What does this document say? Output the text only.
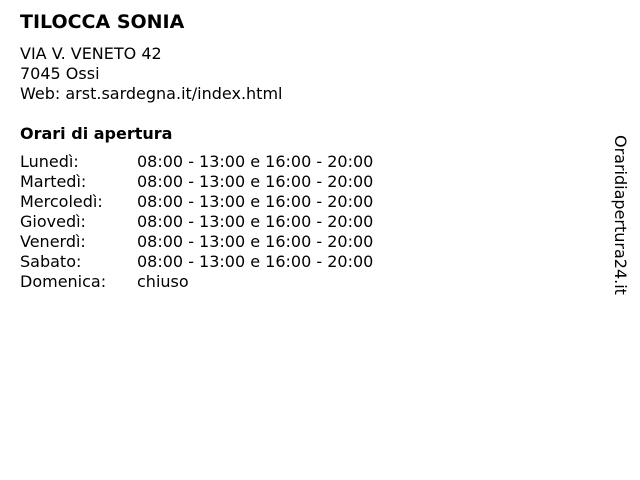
TILOCCA SONIA
VIA V. VENETO 42
7045 Ossi
Web: arst.sardegna.it/index.html
Orari di apertura
Lunedì:	08:00 - 13:00 e 16:00 - 20:00
Martedì:	08:00 - 13:00 e 16:00 - 20:00
Mercoledì:	08:00 - 13:00 e 16:00 - 20:00
Giovedì:	08:00 - 13:00 e 16:00 - 20:00
Venerdì:	08:00 - 13:00 e 16:00 - 20:00
Sabato:	08:00 - 13:00 e 16:00 - 20:00
Domenica:	chiuso	Oraridiapertura24.it
